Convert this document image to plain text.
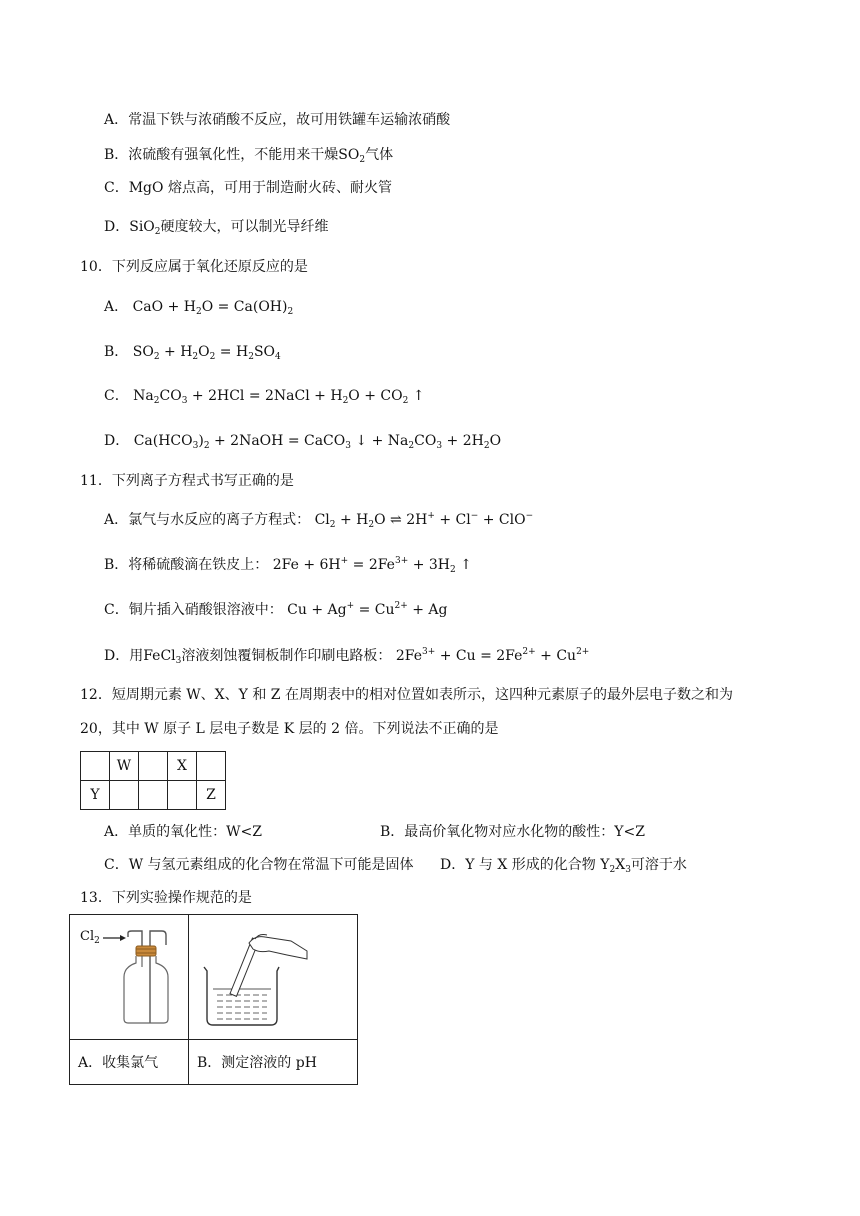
A．常温下铁与浓硝酸不反应，故可用铁罐车运输浓硝酸
B．浓硫酸有强氧化性，不能用来干燥$SO_2$气体
C．MgO 熔点高，可用于制造耐火砖、耐火管
D．SiO$_2$硬度较大，可以制光导纤维
10．下列反应属于氧化还原反应的是
A． CaO + $H_2O = Ca(OH)_2$
B． $SO_2 + H_2O_2 = H_2SO_4$
C． $Na_2CO_3 + 2HCl$ = 2NaCl + $H_2O + CO_2$ ↑
D． $Ca(HCO_3)_2$ + 2NaOH = CaCO$_3$ ↓ + $Na_2CO_3 + 2H_2O$
11．下列离子方程式书写正确的是
A．氯气与水反应的离子方程式： $Cl_2 + H_2O$ ⇌ 2H+ + Cl− + ClO−
B．将稀硫酸滴在铁皮上： $2Fe + 6H^+ = 2Fe^{3+} + 3H_2$ ↑
C．铜片插入硝酸银溶液中： $Cu + Ag^+ = Cu^{2+} + Ag$
D．用FeCl$_3$溶液刻蚀覆铜板制作印刷电路板： $2Fe^{3+} + Cu = 2Fe^{2+} + Cu^{2+}$
12．短周期元素 W、X、Y 和 Z 在周期表中的相对位置如表所示，这四种元素原子的最外层电子数之和为
20，其中 W 原子 L 层电子数是 K 层的 2 倍。下列说法不正确的是
	W		X	
Y				Z
A．单质的氧化性：W<Z	B．最高价氧化物对应水化物的酸性：Y<Z
C．W 与氢元素组成的化合物在常温下可能是固体 D．Y 与 X 形成的化合物 $Y_2X_3$可溶于水
13．下列实验操作规范的是
$Cl_2$

A．收集氯气	B．测定溶液的 pH
